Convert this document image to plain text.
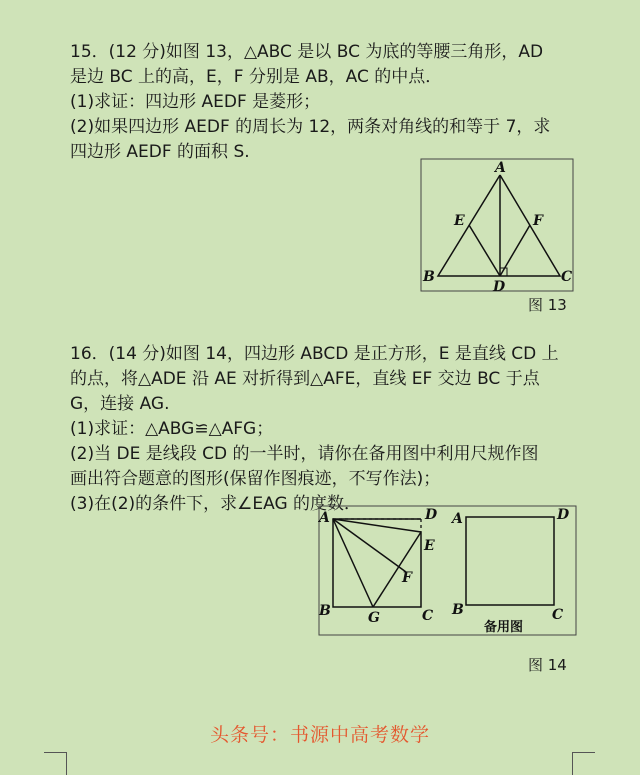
15．(12 分)如图 13，△ABC 是以 BC 为底的等腰三角形，AD
是边 BC 上的高，E，F 分别是 AB，AC 的中点．
(1)求证：四边形 AEDF 是菱形；
(2)如果四边形 AEDF 的周长为 12，两条对角线的和等于 7，求
四边形 AEDF 的面积 S.
A
E	F
B	C
D
图 13
16．(14 分)如图 14，四边形 ABCD 是正方形，E 是直线 CD 上
的点，将△ADE 沿 AE 对折得到△AFE，直线 EF 交边 BC 于点
G，连接 AG.
(1)求证：△ABG≌△AFG；
(2)当 DE 是线段 CD 的一半时，请你在备用图中利用尺规作图
画出符合题意的图形(保留作图痕迹，不写作法)；
(3)在(2)的条件下，求∠EAG 的度数．
A	D
E
F
B	G	C
A	D
B	C
备用图
图 14
头条号：书源中高考数学
